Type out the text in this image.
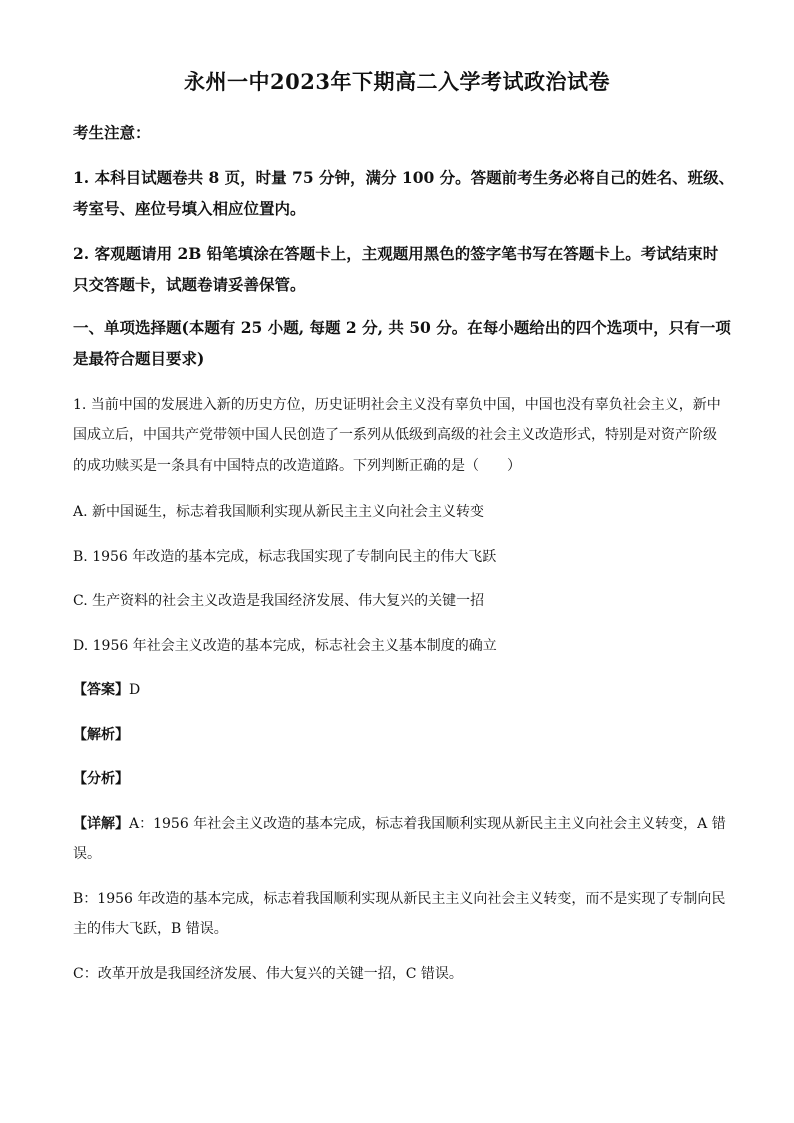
永州一中2023年下期高二入学考试政治试卷
考生注意：
1. 本科目试题卷共 8 页，时量 75 分钟，满分 100 分。答题前考生务必将自己的姓名、班级、
考室号、座位号填入相应位置内。
2. 客观题请用 2B 铅笔填涂在答题卡上，主观题用黑色的签字笔书写在答题卡上。考试结束时
只交答题卡，试题卷请妥善保管。
一、单项选择题(本题有 25 小题, 每题 2 分, 共 50 分。在每小题给出的四个选项中，只有一项
是最符合题目要求)
1. 当前中国的发展进入新的历史方位，历史证明社会主义没有辜负中国，中国也没有辜负社会主义，新中
国成立后，中国共产党带领中国人民创造了一系列从低级到高级的社会主义改造形式，特别是对资产阶级
的成功赎买是一条具有中国特点的改造道路。下列判断正确的是（　　）
A. 新中国诞生，标志着我国顺利实现从新民主主义向社会主义转变
B. 1956 年改造的基本完成，标志我国实现了专制向民主的伟大飞跃
C. 生产资料的社会主义改造是我国经济发展、伟大复兴的关键一招
D. 1956 年社会主义改造的基本完成，标志社会主义基本制度的确立
【答案】D
【解析】
【分析】
【详解】A：1956 年社会主义改造的基本完成，标志着我国顺利实现从新民主主义向社会主义转变，A 错
误。
B：1956 年改造的基本完成，标志着我国顺利实现从新民主主义向社会主义转变，而不是实现了专制向民
主的伟大飞跃，B 错误。
C：改革开放是我国经济发展、伟大复兴的关键一招，C 错误。
